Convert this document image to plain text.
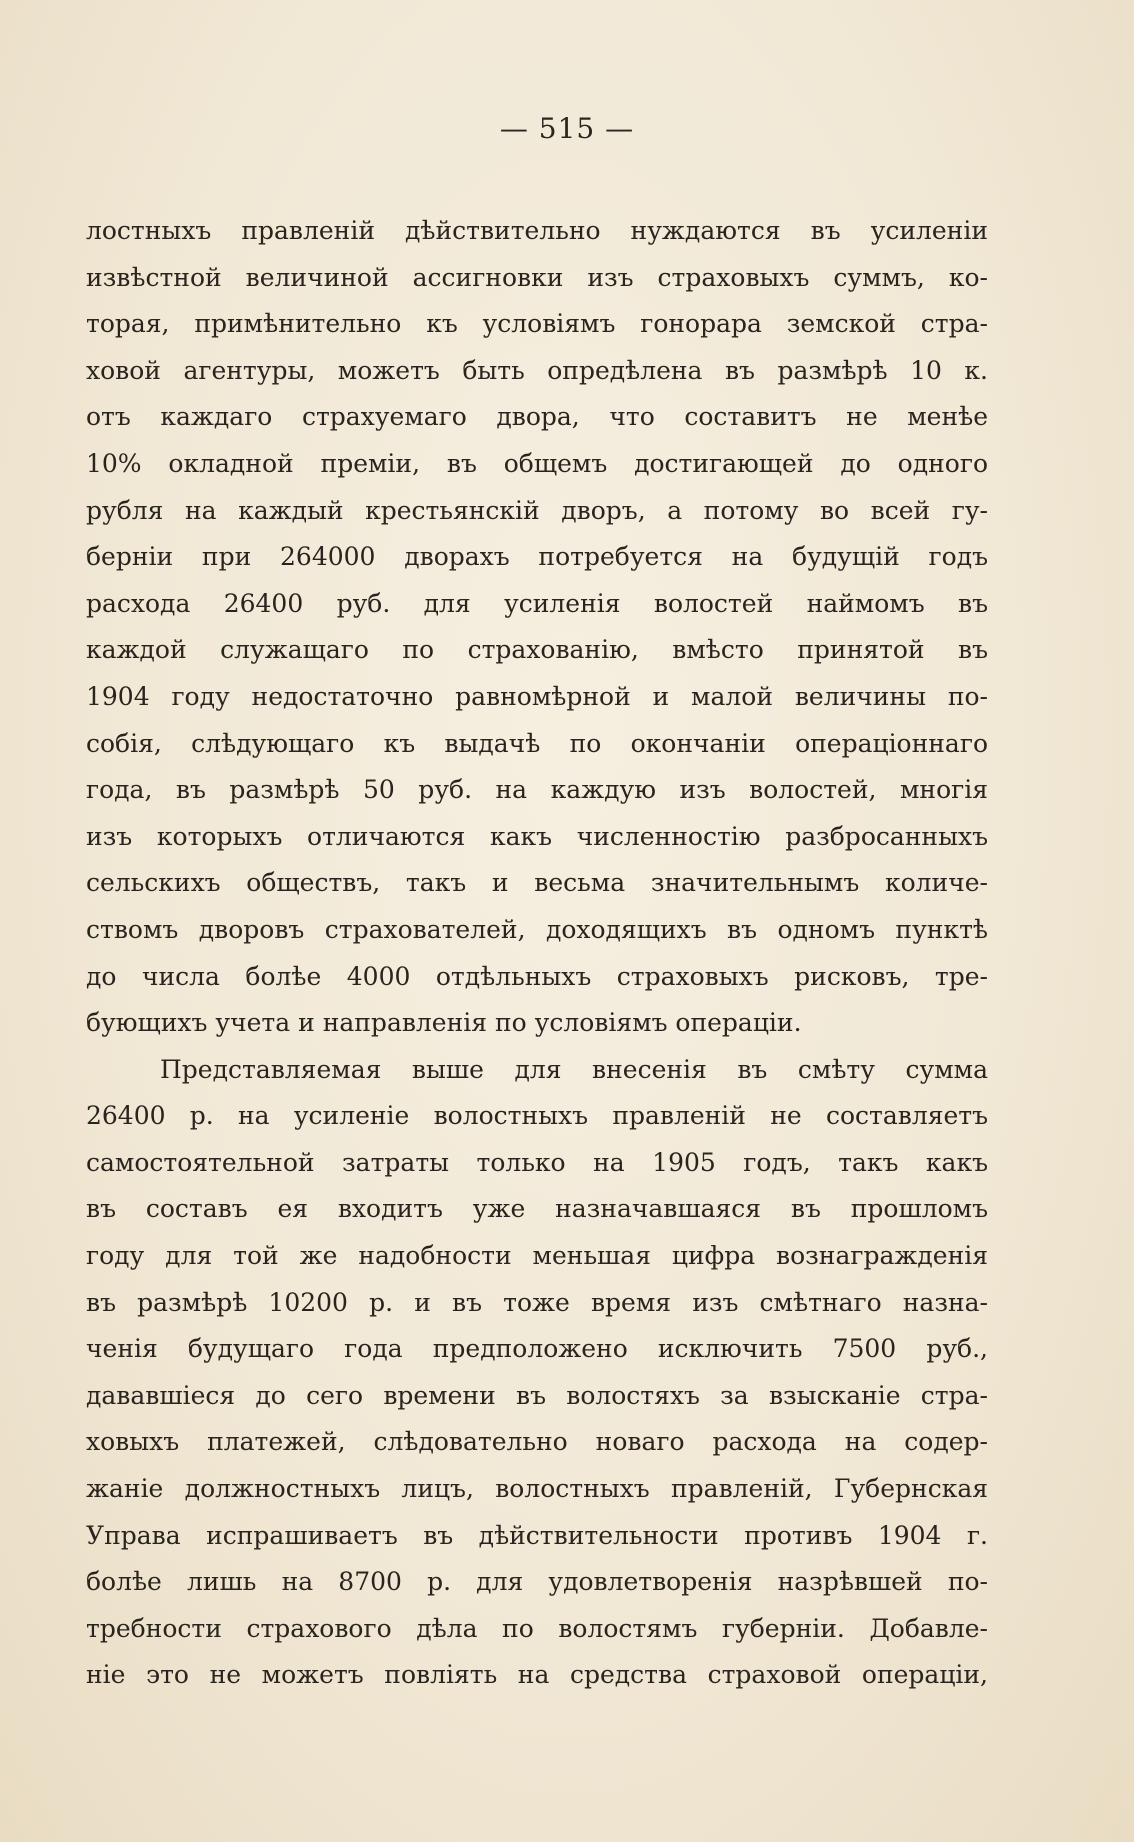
— 515 —
лостныхъ правленій дѣйствительно нуждаются въ усиленіи
извѣстной величиной ассигновки изъ страховыхъ суммъ, ко-
торая, примѣнительно къ условіямъ гонорара земской стра-
ховой агентуры, можетъ быть опредѣлена въ размѣрѣ 10 к.
отъ каждаго страхуемаго двора, что составитъ не менѣе
10% окладной преміи, въ общемъ достигающей до одного
рубля на каждый крестьянскій дворъ, а потому во всей гу-
берніи при 264000 дворахъ потребуется на будущій годъ
расхода 26400 руб. для усиленія волостей наймомъ въ
каждой служащаго по страхованію, вмѣсто принятой въ
1904 году недостаточно равномѣрной и малой величины по-
собія, слѣдующаго къ выдачѣ по окончаніи операціоннаго
года, въ размѣрѣ 50 руб. на каждую изъ волостей, многія
изъ которыхъ отличаются какъ численностію разбросанныхъ
сельскихъ обществъ, такъ и весьма значительнымъ количе-
ствомъ дворовъ страхователей, доходящихъ въ одномъ пунктѣ
до числа болѣе 4000 отдѣльныхъ страховыхъ рисковъ, тре-
бующихъ учета и направленія по условіямъ операціи.
Представляемая выше для внесенія въ смѣту сумма
26400 р. на усиленіе волостныхъ правленій не составляетъ
самостоятельной затраты только на 1905 годъ, такъ какъ
въ составъ ея входитъ уже назначавшаяся въ прошломъ
году для той же надобности меньшая цифра вознагражденія
въ размѣрѣ 10200 р. и въ тоже время изъ смѣтнаго назна-
ченія будущаго года предположено исключить 7500 руб.,
дававшіеся до сего времени въ волостяхъ за взысканіе стра-
ховыхъ платежей, слѣдовательно новаго расхода на содер-
жаніе должностныхъ лицъ, волостныхъ правленій, Губернская
Управа испрашиваетъ въ дѣйствительности противъ 1904 г.
болѣе лишь на 8700 р. для удовлетворенія назрѣвшей по-
требности страхового дѣла по волостямъ губерніи. Добавле-
ніе это не можетъ повліять на средства страховой операціи,
